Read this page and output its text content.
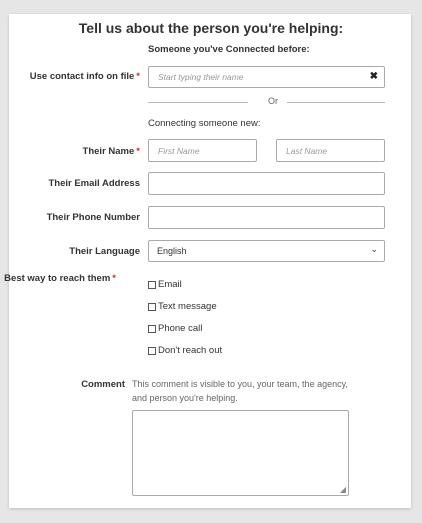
Tell us about the person you're helping:
Someone you've Connected before:
Use contact info on file * Start typing their name	✖
Or
Connecting someone new:
Their Name * First Name	Last Name
Their Email Address
Their Phone Number
Their Language English	⌄
Best way to reach them *
Email
Text message
Phone call
Don't reach out
Comment This comment is visible to you, your team, the agency, and person you're helping.
◢
